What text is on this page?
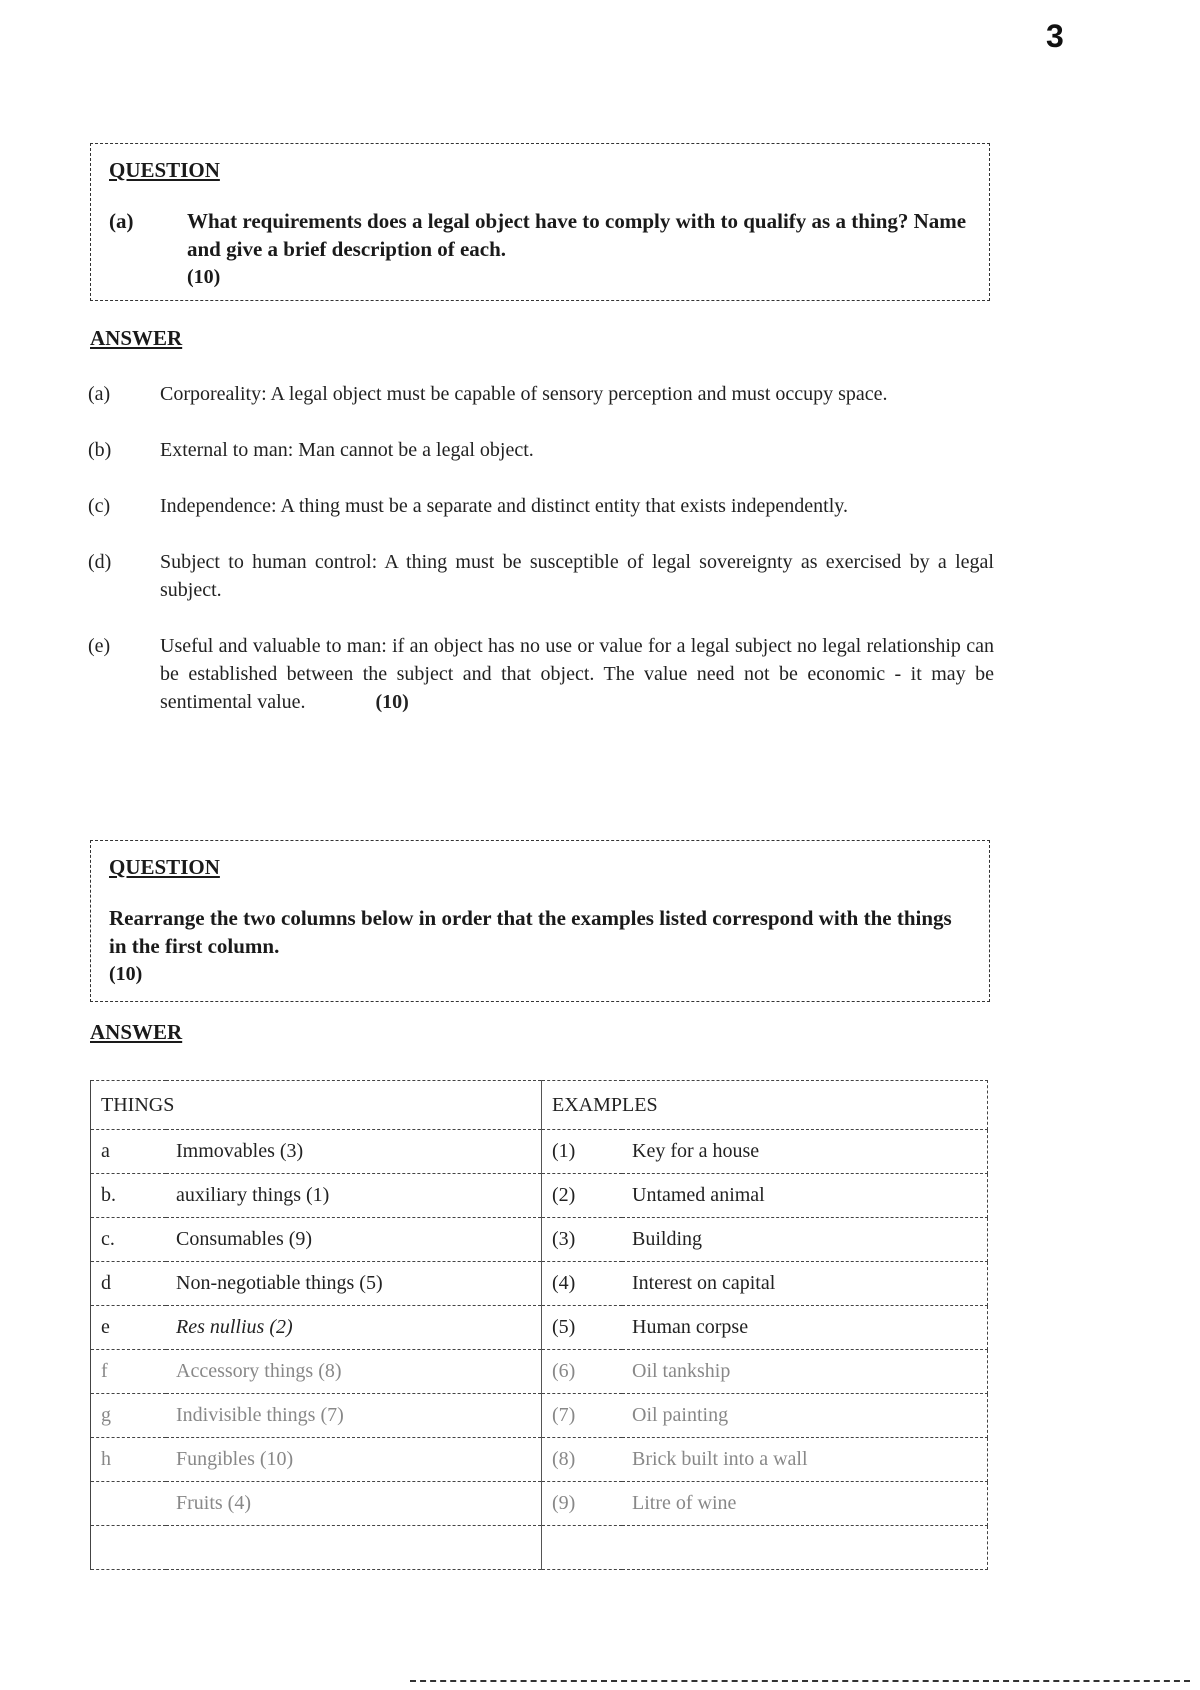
3
QUESTION
(a)	What requirements does a legal object have to comply with to qualify as a thing? Name and give a brief description of each.
(10)
ANSWER
(a)	Corporeality: A legal object must be capable of sensory perception and must occupy space.
(b)	External to man: Man cannot be a legal object.
(c)	Independence: A thing must be a separate and distinct entity that exists independently.
(d)	Subject to human control: A thing must be susceptible of legal sovereignty as exercised by a legal subject.
(e)	Useful and valuable to man: if an object has no use or value for a legal subject no legal relationship can be established between the subject and that object. The value need not be economic - it may be sentimental value.	(10)
QUESTION
Rearrange the two columns below in order that the examples listed correspond with the things in the first column.
(10)
ANSWER
THINGS		EXAMPLES	
a	Immovables (3)	(1)	Key for a house
b.	auxiliary things (1)	(2)	Untamed animal
c.	Consumables (9)	(3)	Building
d	Non-negotiable things (5)	(4)	Interest on capital
e	Res nullius (2)	(5)	Human corpse
f	Accessory things (8)	(6)	Oil tankship
g	Indivisible things (7)	(7)	Oil painting
h	Fungibles (10)	(8)	Brick built into a wall
	Fruits (4)	(9)	Litre of wine
